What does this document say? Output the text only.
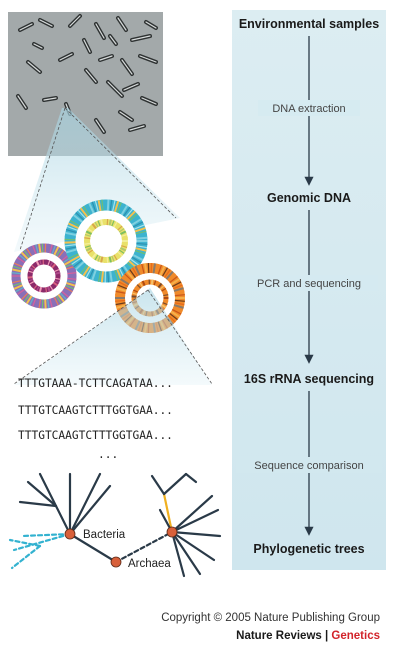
TTTGTAAA-TCTTCAGATAA...
TTTGTCAAGTCTTTGGTGAA...
TTTGTCAAGTCTTTGGTGAA...
...
Bacteria
Archaea
Environmental samples
DNA extraction
Genomic DNA
PCR and sequencing
16S rRNA sequencing
Sequence comparison
Phylogenetic trees
Copyright © 2005 Nature Publishing Group
Nature Reviews | Genetics
